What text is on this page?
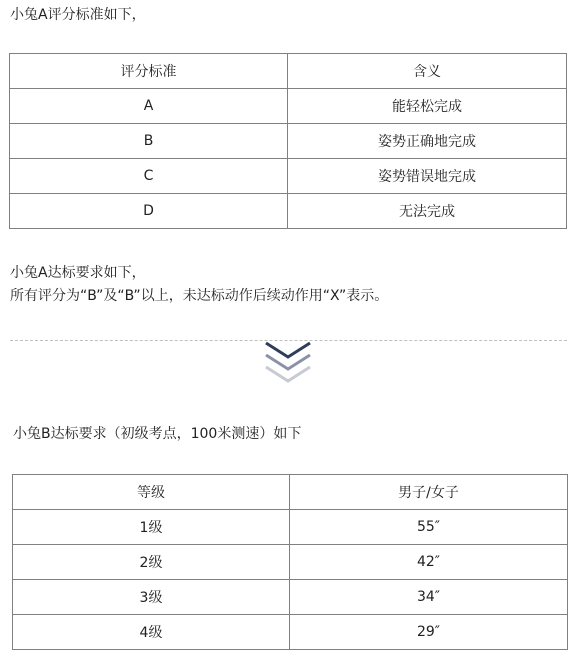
小兔A评分标准如下，
评分标准	含义
A	能轻松完成
B	姿势正确地完成
C	姿势错误地完成
D	无法完成
小兔A达标要求如下，
所有评分为“B”及“B”以上，未达标动作后续动作用“X”表示。
小兔B达标要求（初级考点，100米测速）如下
等级	男子/女子
1级	55″
2级	42″
3级	34″
4级	29″
